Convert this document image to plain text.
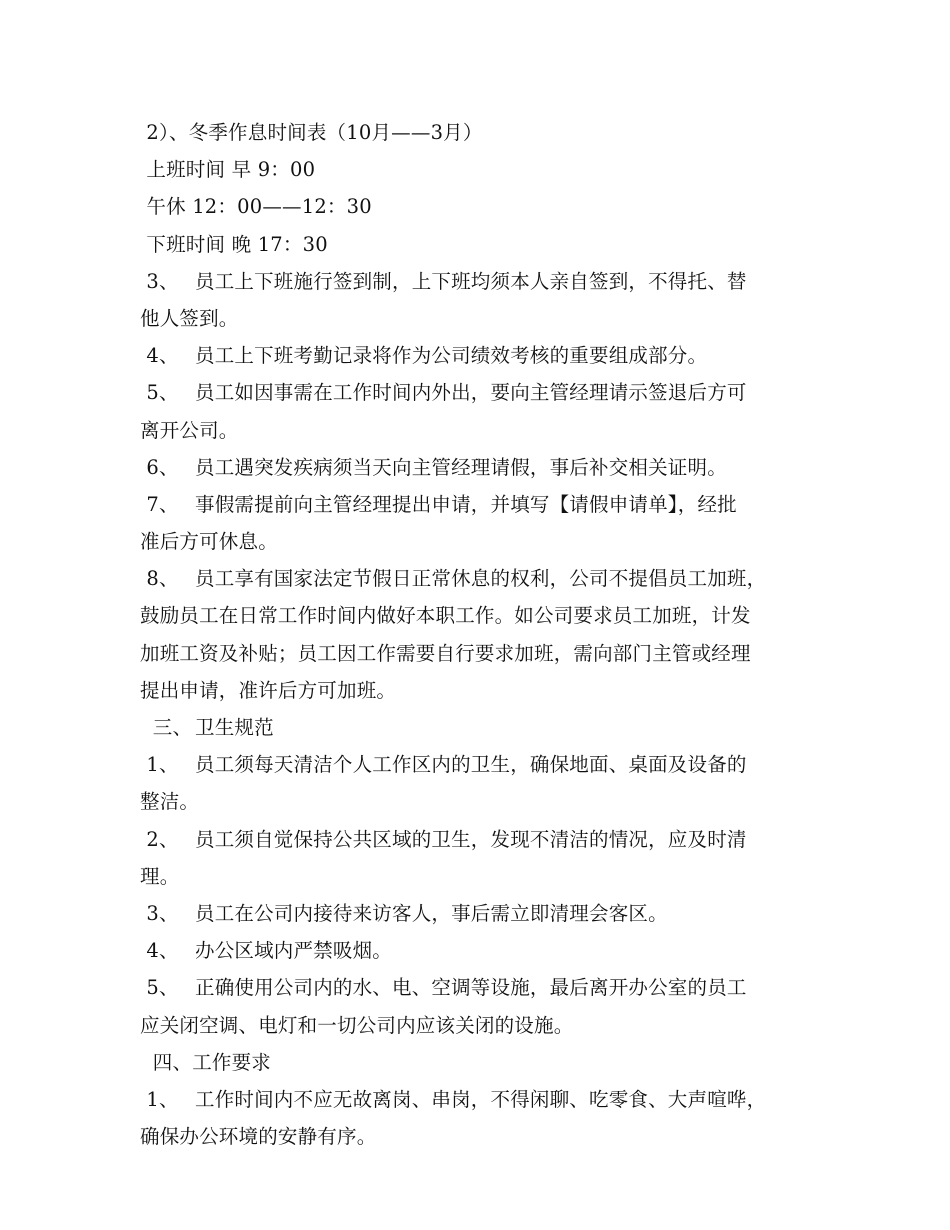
2）、冬季作息时间表（10月——3月）
上班时间 早 9：00
午休 12：00——12：30
下班时间 晚 17：30
3、 员工上下班施行签到制，上下班均须本人亲自签到，不得托、替
他人签到。
4、 员工上下班考勤记录将作为公司绩效考核的重要组成部分。
5、 员工如因事需在工作时间内外出，要向主管经理请示签退后方可
离开公司。
6、 员工遇突发疾病须当天向主管经理请假，事后补交相关证明。
7、 事假需提前向主管经理提出申请，并填写【请假申请单】，经批
准后方可休息。
8、 员工享有国家法定节假日正常休息的权利，公司不提倡员工加班，
鼓励员工在日常工作时间内做好本职工作。如公司要求员工加班，计发
加班工资及补贴；员工因工作需要自行要求加班，需向部门主管或经理
提出申请，准许后方可加班。
三、 卫生规范
1、 员工须每天清洁个人工作区内的卫生，确保地面、桌面及设备的
整洁。
2、 员工须自觉保持公共区域的卫生，发现不清洁的情况，应及时清
理。
3、 员工在公司内接待来访客人，事后需立即清理会客区。
4、 办公区域内严禁吸烟。
5、 正确使用公司内的水、电、空调等设施，最后离开办公室的员工
应关闭空调、电灯和一切公司内应该关闭的设施。
四、工作要求
1、 工作时间内不应无故离岗、串岗，不得闲聊、吃零食、大声喧哗，
确保办公环境的安静有序。
